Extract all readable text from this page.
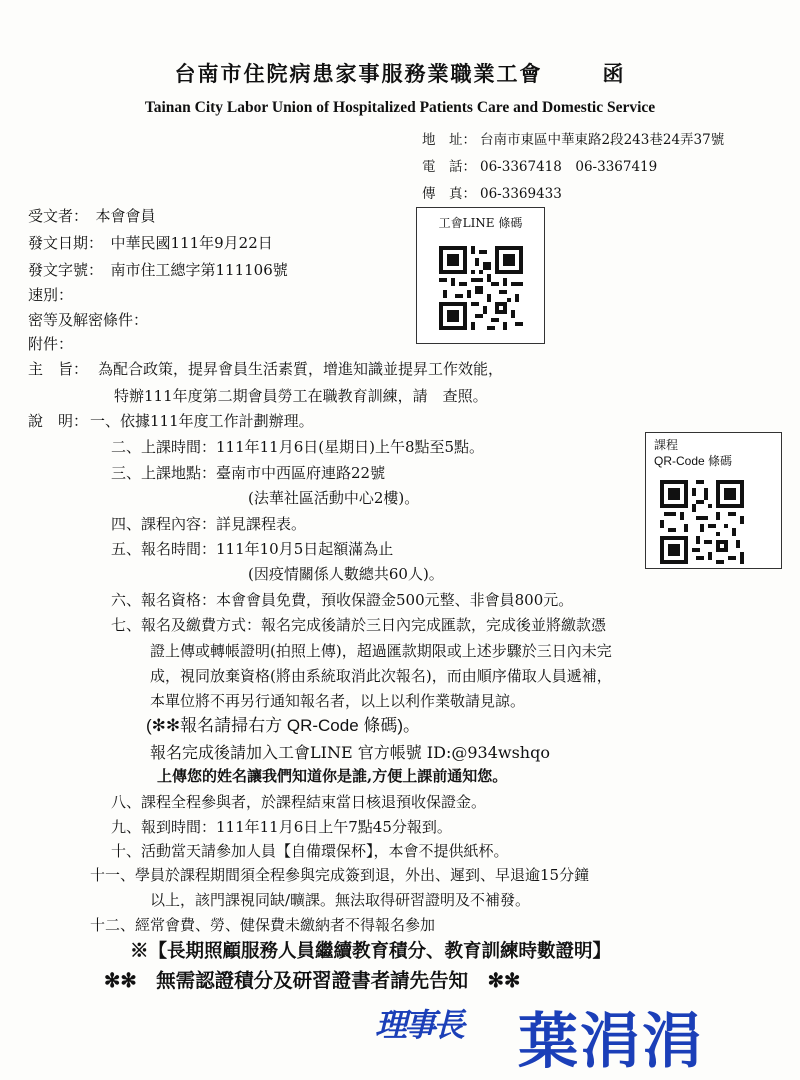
台南市住院病患家事服務業職業工會	函
Tainan City Labor Union of Hospitalized Patients Care and Domestic Service
地　址： 台南市東區中華東路2段243巷24弄37號
電　話： 06-3367418　06-3367419
傳　真： 06-3369433
受文者：　本會會員
發文日期：　中華民國111年9月22日
發文字號：　南市住工總字第111106號
速別：
密等及解密條件：
附件：
工會LINE 條碼
課程
QR-Code 條碼
主　旨： 為配合政策，提昇會員生活素質，增進知識並提昇工作效能，
特辦111年度第二期會員勞工在職教育訓練，請　查照。
說　明： 一、依據111年度工作計劃辦理。
二、上課時間：111年11月6日(星期日)上午8點至5點。
三、上課地點：臺南市中西區府連路22號
(法華社區活動中心2樓)。
四、課程內容：詳見課程表。
五、報名時間：111年10月5日起額滿為止
(因疫情關係人數總共60人)。
六、報名資格：本會會員免費，預收保證金500元整、非會員800元。
七、報名及繳費方式：報名完成後請於三日內完成匯款，完成後並將繳款憑
證上傳或轉帳證明(拍照上傳)，超過匯款期限或上述步驟於三日內未完
成，視同放棄資格(將由系統取消此次報名)，而由順序備取人員遞補，
本單位將不再另行通知報名者，以上以利作業敬請見諒。
(✻✻報名請掃右方 QR-Code 條碼)。
報名完成後請加入工會LINE 官方帳號 ID:@934wshqo
上傳您的姓名讓我們知道你是誰,方便上課前通知您。
八、課程全程參與者，於課程結束當日核退預收保證金。
九、報到時間：111年11月6日上午7點45分報到。
十、活動當天請參加人員【自備環保杯】，本會不提供紙杯。
十一、學員於課程期間須全程參與完成簽到退，外出、遲到、早退逾15分鐘
以上，該門課視同缺/曠課。無法取得研習證明及不補發。
十二、經常會費、勞、健保費未繳納者不得報名參加
※【長期照顧服務人員繼續教育積分、教育訓練時數證明】
✻✻　無需認證積分及研習證書者請先告知　✻✻
理事長 葉涓涓
